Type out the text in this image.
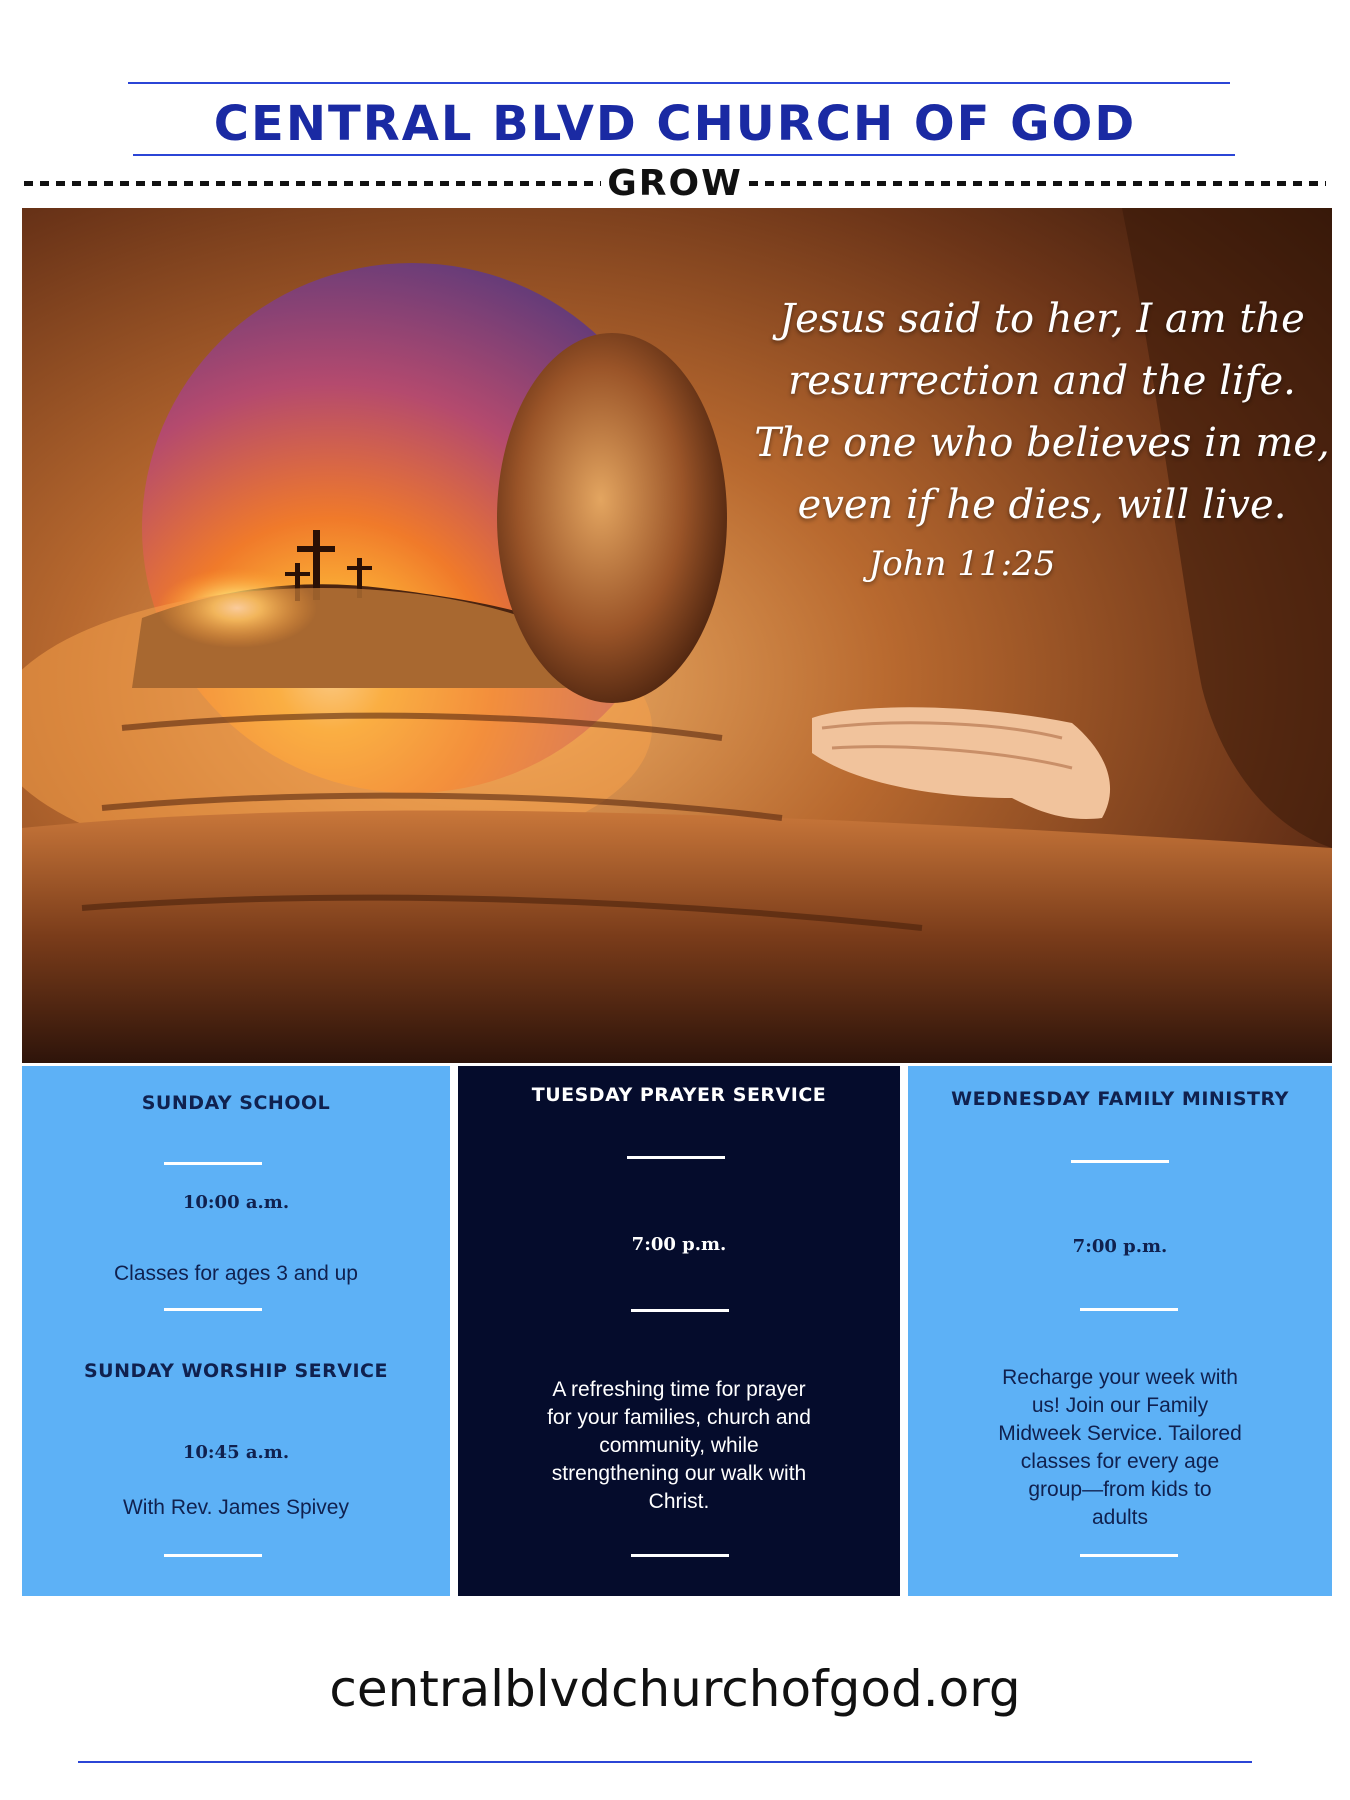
CENTRAL BLVD CHURCH OF GOD
GROW
Jesus said to her, I am the
resurrection and the life.
The one who believes in me,
even if he dies, will live.
John 11:25
SUNDAY SCHOOL
10:00 a.m.
Classes for ages 3 and up
SUNDAY WORSHIP SERVICE
10:45 a.m.
With Rev. James Spivey
TUESDAY PRAYER SERVICE
7:00 p.m.
A refreshing time for prayer
for your families, church and
community, while
strengthening our walk with
Christ.
WEDNESDAY FAMILY MINISTRY
7:00 p.m.
Recharge your week with
us! Join our Family
Midweek Service. Tailored
classes for every age
group—from kids to
adults
centralblvdchurchofgod.org
